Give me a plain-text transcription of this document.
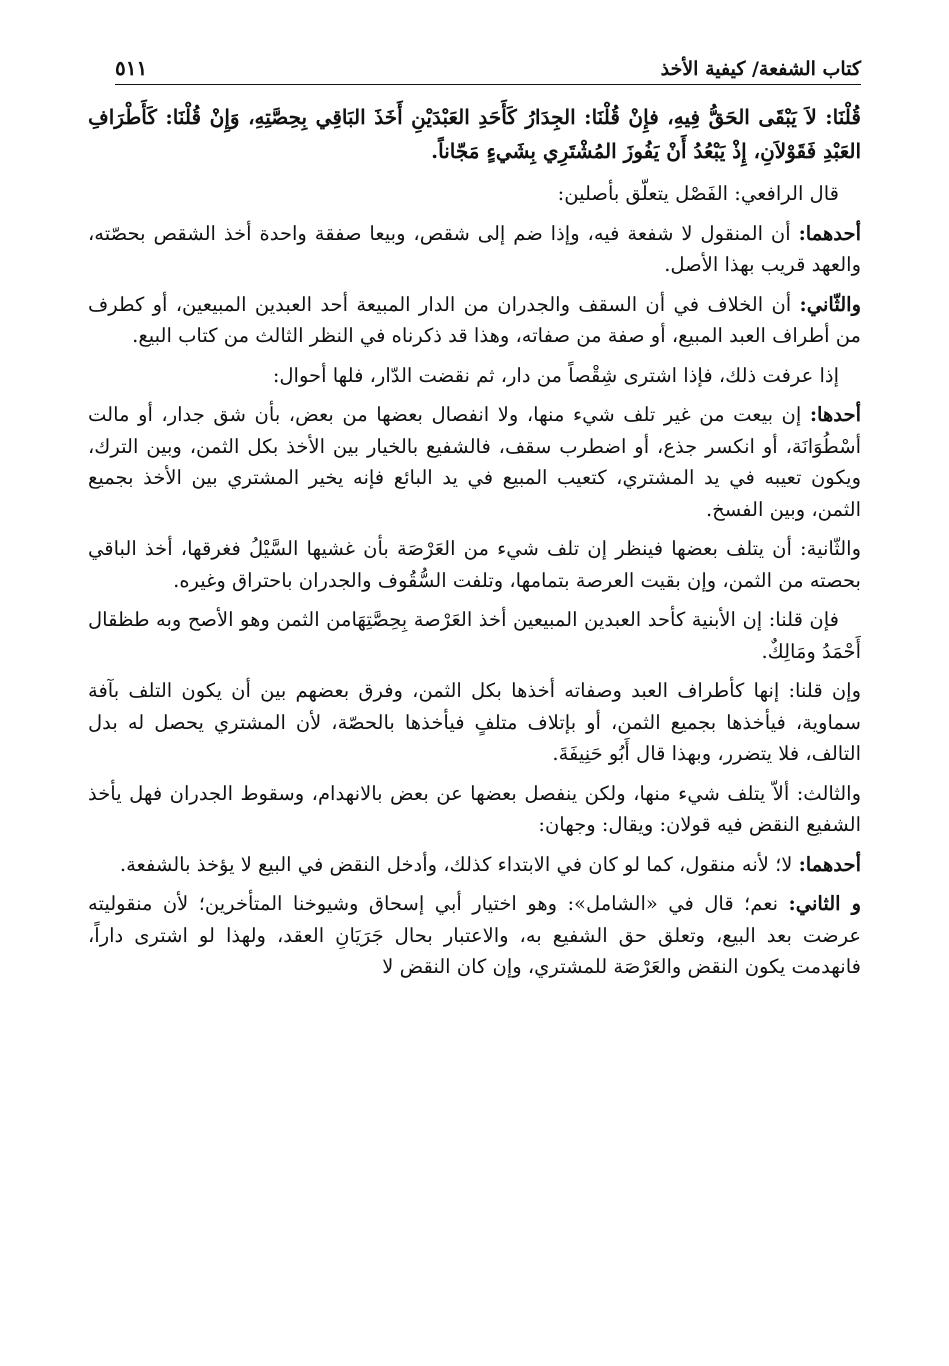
كتاب الشفعة/ كيفية الأخذ
٥١١

قُلْنَا: لاَ يَبْقَى الحَقُّ فِيهِ، فإِنْ قُلْنَا: الجِدَارُ كَأَحَدِ العَبْدَيْنِ أَخَذَ البَاقِي بِحِصَّتِهِ، وَإِنْ قُلْنَا: كَأَطْرَافِ العَبْدِ فَقَوْلاَنِ، إِذْ يَبْعُدُ أَنْ يَفُوزَ المُشْتَرِي بِشَيءٍ مَجّاناً.

قال الرافعي: الفَصْل يتعلّق بأصلين:

أحدهما: أن المنقول لا شفعة فيه، وإذا ضم إلى شقص، وبيعا صفقة واحدة أخذ الشقص بحصّته، والعهد قريب بهذا الأصل.

والثّاني: أن الخلاف في أن السقف والجدران من الدار المبيعة أحد العبدين المبيعين، أو كطرف من أطراف العبد المبيع، أو صفة من صفاته، وهذا قد ذكرناه في النظر الثالث من كتاب البيع.

إذا عرفت ذلك، فإذا اشترى شِقْصاً من دار، ثم نقضت الدّار، فلها أحوال:

أحدها: إن بيعت من غير تلف شيء منها، ولا انفصال بعضها من بعض، بأن شق جدار، أو مالت أسْطُوَانَة، أو انكسر جذع، أو اضطرب سقف، فالشفيع بالخيار بين الأخذ بكل الثمن، وبين الترك، ويكون تعيبه في يد المشتري، كتعيب المبيع في يد البائع فإنه يخير المشتري بين الأخذ بجميع الثمن، وبين الفسخ.

والثّانية: أن يتلف بعضها فينظر إن تلف شيء من العَرْصَة بأن غشيها السَّيْلُ فغرقها، أخذ الباقي بحصته من الثمن، وإن بقيت العرصة بتمامها، وتلفت السُّقُوف والجدران باحتراق وغيره.

فإن قلنا: إن الأبنية كأحد العبدين المبيعين أخذ العَرْصة بِحِصَّتِهَامن الثمن وهو الأصح وبه طظقال أَحْمَدُ ومَالِكٌ.

وإن قلنا: إنها كأطراف العبد وصفاته أخذها بكل الثمن، وفرق بعضهم بين أن يكون التلف بآفة سماوية، فيأخذها بجميع الثمن، أو بإتلاف متلفٍ فيأخذها بالحصّة، لأن المشتري يحصل له بدل التالف، فلا يتضرر، وبهذا قال أَبُو حَنِيفَةَ.

والثالث: ألاّ يتلف شيء منها، ولكن ينفصل بعضها عن بعض بالانهدام، وسقوط الجدران فهل يأخذ الشفيع النقض فيه قولان: ويقال: وجهان:

أحدهما: لا؛ لأنه منقول، كما لو كان في الابتداء كذلك، وأدخل النقض في البيع لا يؤخذ بالشفعة.

و الثاني: نعم؛ قال في «الشامل»: وهو اختيار أبي إسحاق وشيوخنا المتأخرين؛ لأن منقوليته عرضت بعد البيع، وتعلق حق الشفيع به، والاعتبار بحال جَرَيَانِ العقد، ولهذا لو اشترى داراً، فانهدمت يكون النقض والعَرْصَة للمشتري، وإن كان النقض لا
